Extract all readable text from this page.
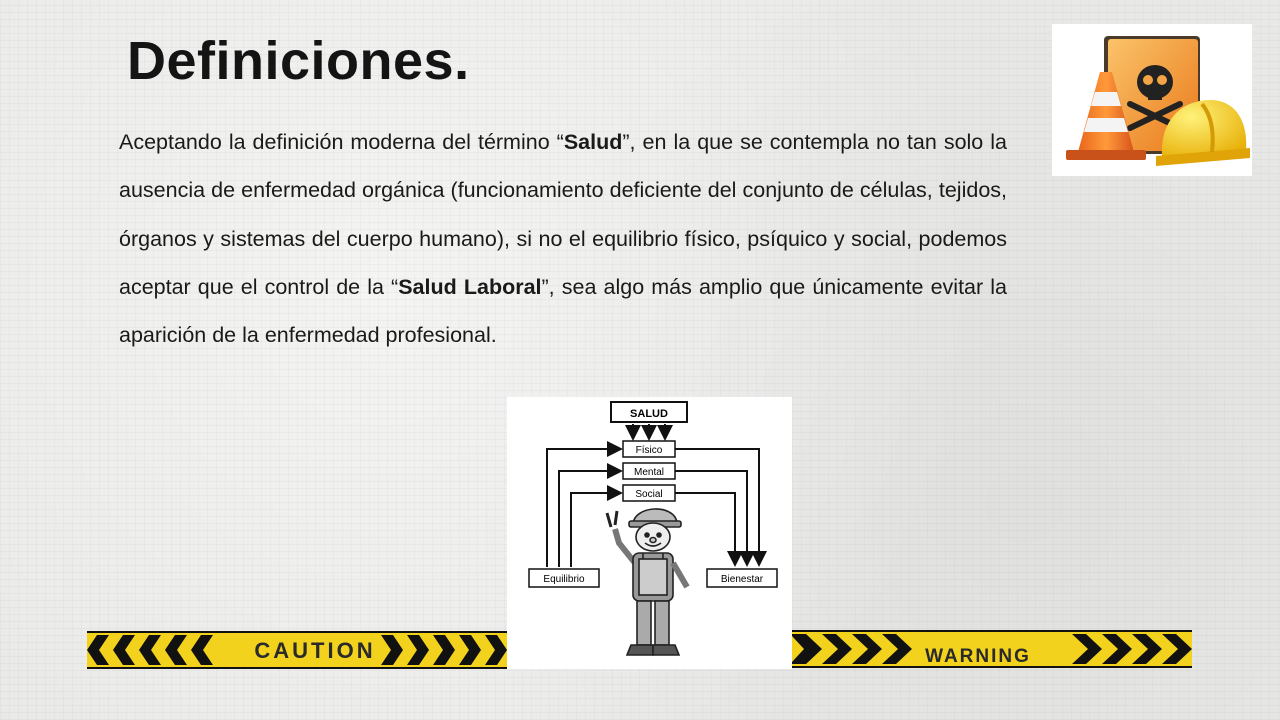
Definiciones.
Aceptando la definición moderna del término “Salud”, en la que se contempla no tan solo la ausencia de enfermedad orgánica (funcionamiento deficiente del conjunto de células, tejidos, órganos y sistemas del cuerpo humano), si no el equilibrio físico, psíquico y social, podemos aceptar que el control de la “Salud Laboral”, sea algo más amplio que únicamente evitar la aparición de la enfermedad profesional.
CAUTION	WARNING
SALUD
Físico
Mental
Social
Equilibrio	Bienestar
